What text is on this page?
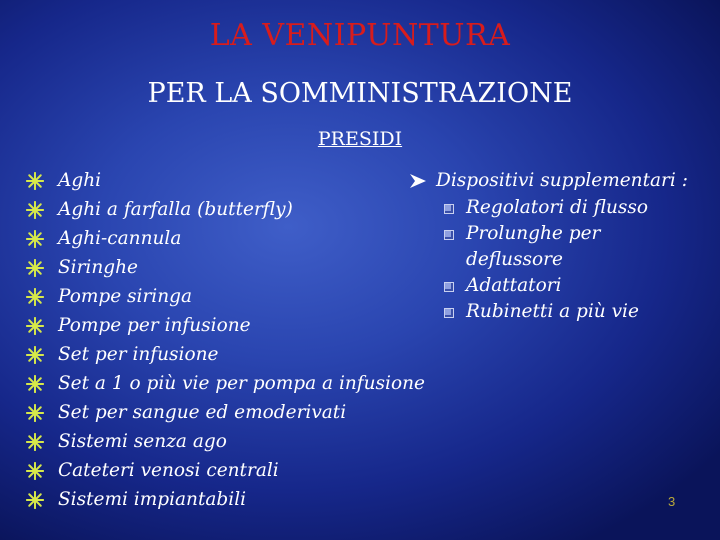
LA VENIPUNTURA
PER LA SOMMINISTRAZIONE
PRESIDI
Aghi
Aghi a farfalla (butterfly)
Aghi-cannula
Siringhe
Pompe siringa
Pompe per infusione
Set per infusione
Set a 1 o più vie per pompa a infusione
Set per sangue ed emoderivati
Sistemi senza ago
Cateteri venosi centrali
Sistemi impiantabili
Dispositivi supplementari :
Regolatori di flusso
Prolunghe per deflussore
Adattatori
Rubinetti a più vie
3
